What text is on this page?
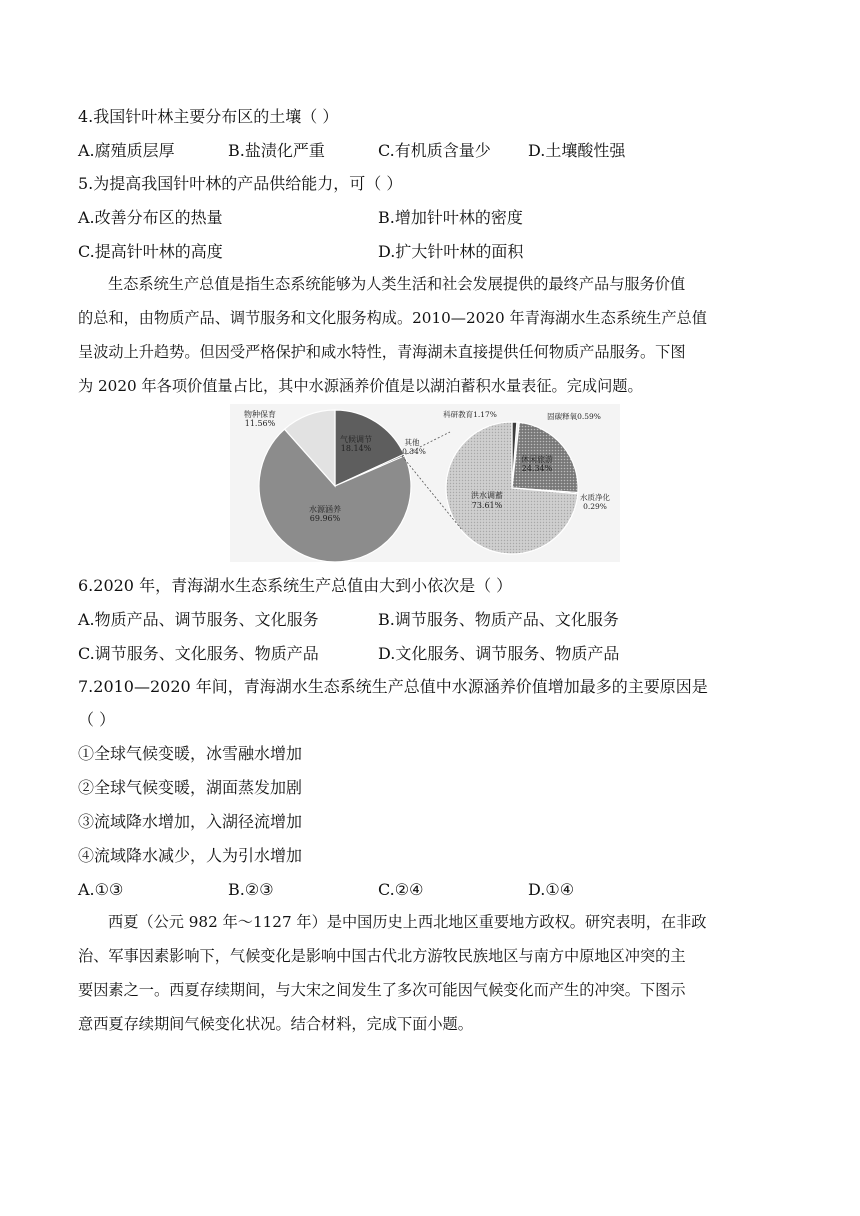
4.我国针叶林主要分布区的土壤（ ）
A.腐殖质层厚	B.盐渍化严重	C.有机质含量少 D.土壤酸性强
5.为提高我国针叶林的产品供给能力，可（ ）
A.改善分布区的热量	B.增加针叶林的密度
C.提高针叶林的高度	D.扩大针叶林的面积
生态系统生产总值是指生态系统能够为人类生活和社会发展提供的最终产品与服务价值
的总和，由物质产品、调节服务和文化服务构成。2010—2020 年青海湖水生态系统生产总值
呈波动上升趋势。但因受严格保护和咸水特性，青海湖未直接提供任何物质产品服务。下图
为 2020 年各项价值量占比，其中水源涵养价值是以湖泊蓄积水量表征。完成问题。
物种保育
11.56%
气候调节
18.14%
水源涵养
69.96%
其他
0.34%
科研教育1.17%	固碳释氧0.59%
休闲旅游
24.34%
水质净化
0.29%
洪水调蓄
73.61%
6.2020 年，青海湖水生态系统生产总值由大到小依次是（ ）
A.物质产品、调节服务、文化服务	B.调节服务、物质产品、文化服务
C.调节服务、文化服务、物质产品	D.文化服务、调节服务、物质产品
7.2010—2020 年间，青海湖水生态系统生产总值中水源涵养价值增加最多的主要原因是
（ ）
①全球气候变暖，冰雪融水增加
②全球气候变暖，湖面蒸发加剧
③流域降水增加，入湖径流增加
④流域降水减少，人为引水增加
A.①③	B.②③	C.②④	D.①④
西夏（公元 982 年～1127 年）是中国历史上西北地区重要地方政权。研究表明，在非政
治、军事因素影响下，气候变化是影响中国古代北方游牧民族地区与南方中原地区冲突的主
要因素之一。西夏存续期间，与大宋之间发生了多次可能因气候变化而产生的冲突。下图示
意西夏存续期间气候变化状况。结合材料，完成下面小题。
